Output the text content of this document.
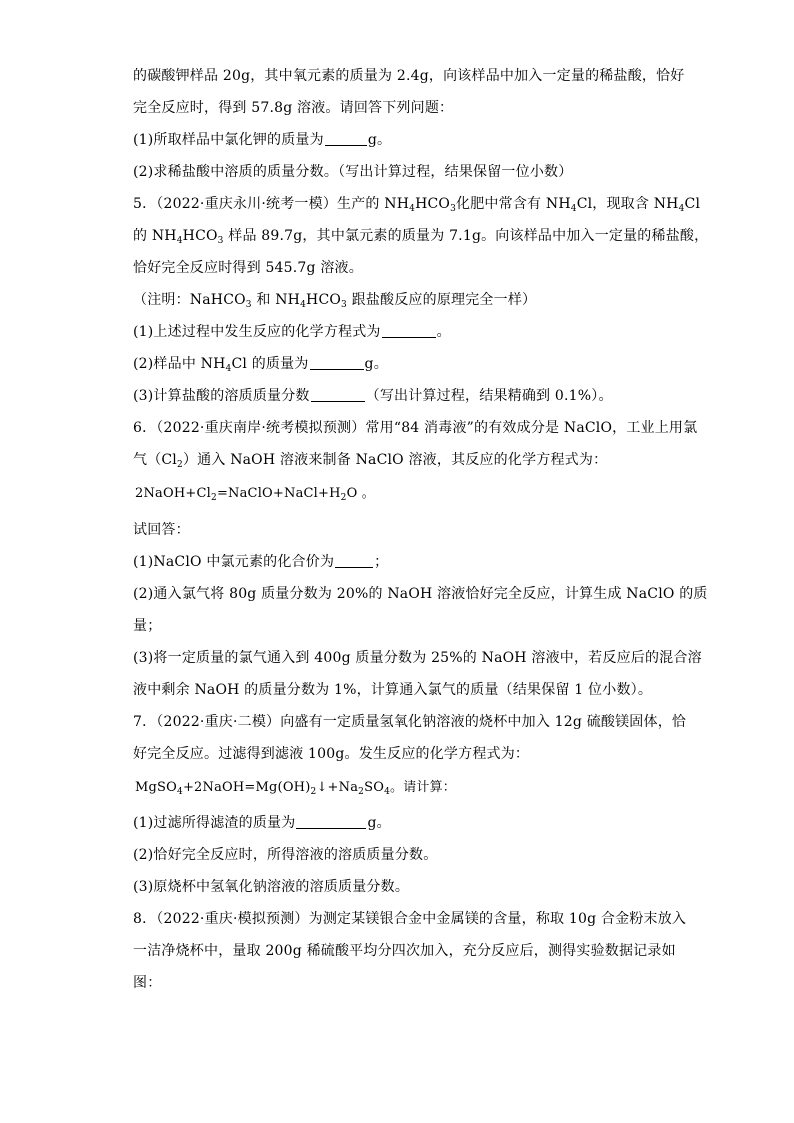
的碳酸钾样品 20g，其中氧元素的质量为 2.4g，向该样品中加入一定量的稀盐酸，恰好
完全反应时，得到 57.8g 溶液。请回答下列问题：
(1)所取样品中氯化钾的质量为	g。
(2)求稀盐酸中溶质的质量分数。（写出计算过程，结果保留一位小数）
5．（2022·重庆永川·统考一模）生产的 $NH_4HCO_3$化肥中常含有 $NH_4Cl$，现取含 $NH_4Cl$
的 $NH_4HCO_3$ 样品 89.7g，其中氯元素的质量为 7.1g。向该样品中加入一定量的稀盐酸，
恰好完全反应时得到 545.7g 溶液。
（注明：NaHCO$_3$ 和 $NH_4HCO_3$ 跟盐酸反应的原理完全一样）
(1)上述过程中发生反应的化学方程式为	。
(2)样品中 $NH_4Cl$ 的质量为	g。
(3)计算盐酸的溶质质量分数	（写出计算过程，结果精确到 0.1%）。
6．（2022·重庆南岸·统考模拟预测）常用“84 消毒液”的有效成分是 NaClO，工业上用氯
气$(Cl_2)$通入 NaOH 溶液来制备 NaClO 溶液，其反应的化学方程式为：
$2NaOH+Cl_2=NaClO+NaCl+H_2O$ 。
试回答：
(1)NaClO 中氯元素的化合价为	；
(2)通入氯气将 80g 质量分数为 20%的 NaOH 溶液恰好完全反应，计算生成 NaClO 的质
量；
(3)将一定质量的氯气通入到 400g 质量分数为 25%的 NaOH 溶液中，若反应后的混合溶
液中剩余 NaOH 的质量分数为 1%，计算通入氯气的质量（结果保留 1 位小数）。
7．（2022·重庆·二模）向盛有一定质量氢氧化钠溶液的烧杯中加入 12g 硫酸镁固体，恰
好完全反应。过滤得到滤液 100g。发生反应的化学方程式为：
$MgSO_4+2NaOH=Mg(OH)_2↓+Na_2SO_4$。请计算：
(1)过滤所得滤渣的质量为	g。
(2)恰好完全反应时，所得溶液的溶质质量分数。
(3)原烧杯中氢氧化钠溶液的溶质质量分数。
8．（2022·重庆·模拟预测）为测定某镁银合金中金属镁的含量，称取 10g 合金粉末放入
一洁净烧杯中，量取 200g 稀硫酸平均分四次加入，充分反应后，测得实验数据记录如
图：
